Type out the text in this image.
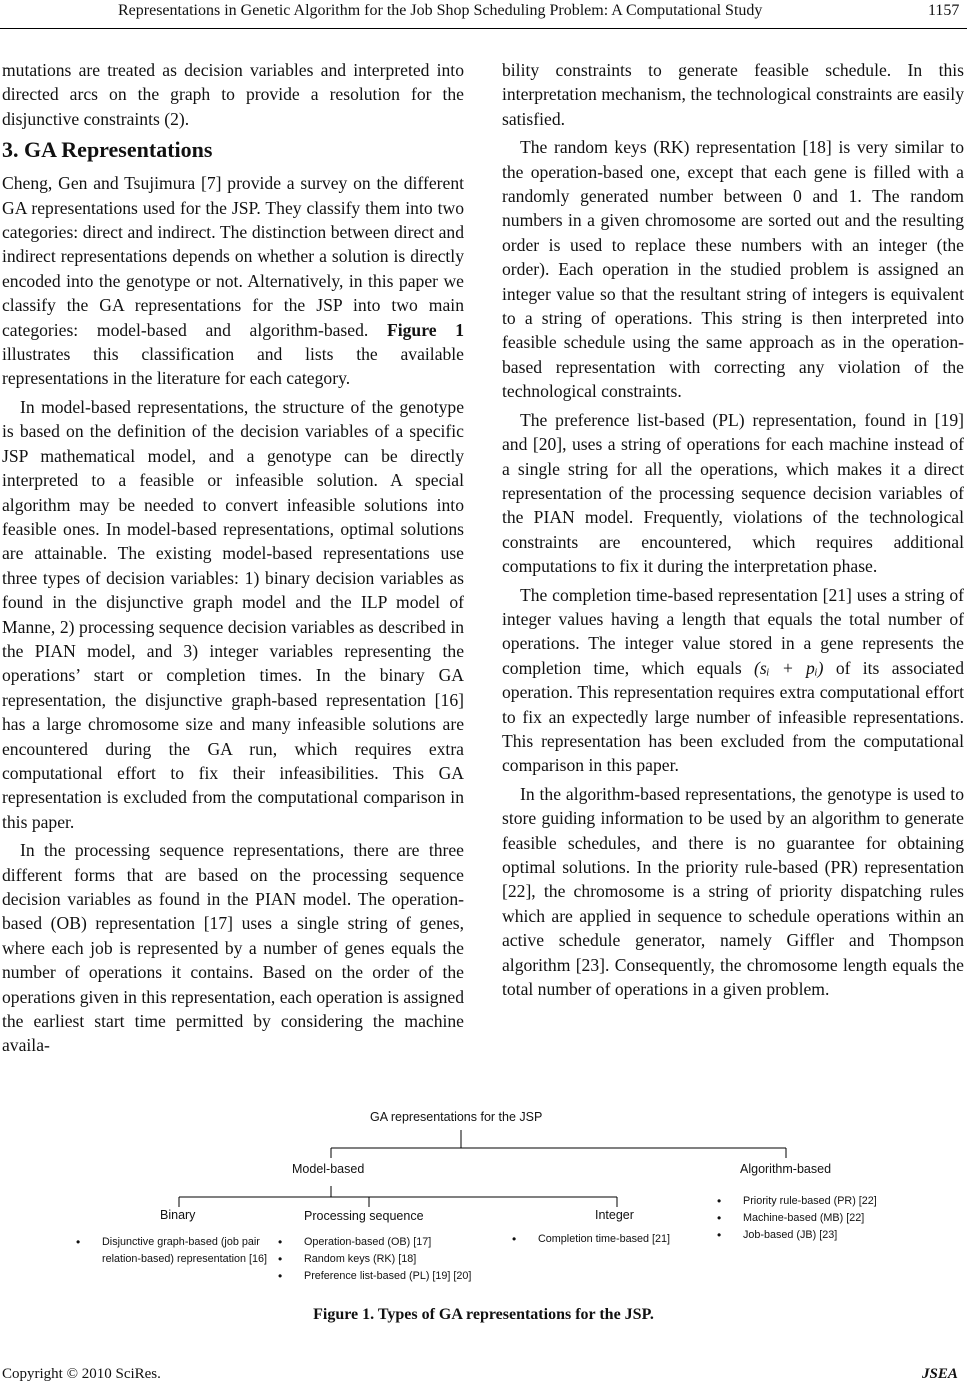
Representations in Genetic Algorithm for the Job Shop Scheduling Problem: A Computational Study	1157

mutations are treated as decision variables and interpreted into directed arcs on the graph to provide a resolution for the disjunctive constraints (2).

3. GA Representations

Cheng, Gen and Tsujimura [7] provide a survey on the different GA representations used for the JSP. They classify them into two categories: direct and indirect. The distinction between direct and indirect representations depends on whether a solution is directly encoded into the genotype or not. Alternatively, in this paper we classify the GA representations for the JSP into two main categories: model-based and algorithm-based. Figure 1 illustrates this classification and lists the available representations in the literature for each category.

In model-based representations, the structure of the genotype is based on the definition of the decision variables of a specific JSP mathematical model, and a genotype can be directly interpreted to a feasible or infeasible solution. A special algorithm may be needed to convert infeasible solutions into feasible ones. In model-based representations, optimal solutions are attainable. The existing model-based representations use three types of decision variables: 1) binary decision variables as found in the disjunctive graph model and the ILP model of Manne, 2) processing sequence decision variables as described in the PIAN model, and 3) integer variables representing the operations’ start or completion times. In the binary GA representation, the disjunctive graph-based representation [16] has a large chromosome size and many infeasible solutions are encountered during the GA run, which requires extra computational effort to fix their infeasibilities. This GA representation is excluded from the computational comparison in this paper.

In the processing sequence representations, there are three different forms that are based on the processing sequence decision variables as found in the PIAN model. The operation-based (OB) representation [17] uses a single string of genes, where each job is represented by a number of genes equals the number of operations it contains. Based on the order of the operations given in this representation, each operation is assigned the earliest start time permitted by considering the machine availa-

bility constraints to generate feasible schedule. In this interpretation mechanism, the technological constraints are easily satisfied.

The random keys (RK) representation [18] is very similar to the operation-based one, except that each gene is filled with a randomly generated number between 0 and 1. The random numbers in a given chromosome are sorted out and the resulting order is used to replace these numbers with an integer (the order). Each operation in the studied problem is assigned an integer value so that the resultant string of integers is equivalent to a string of operations. This string is then interpreted into feasible schedule using the same approach as in the operation-based representation with correcting any violation of the technological constraints.

The preference list-based (PL) representation, found in [19] and [20], uses a string of operations for each machine instead of a single string for all the operations, which makes it a direct representation of the processing sequence decision variables of the PIAN model. Frequently, violations of the technological constraints are encountered, which requires additional computations to fix it during the interpretation phase.

The completion time-based representation [21] uses a string of integer values having a length that equals the total number of operations. The integer value stored in a gene represents the completion time, which equals (sᵢ + pᵢ) of its associated operation. This representation requires extra computational effort to fix an expectedly large number of infeasible representations. This representation has been excluded from the computational comparison in this paper.

In the algorithm-based representations, the genotype is used to store guiding information to be used by an algorithm to generate feasible schedules, and there is no guarantee for obtaining optimal solutions. In the priority rule-based (PR) representation [22], the chromosome is a string of priority dispatching rules which are applied in sequence to schedule operations within an active schedule generator, namely Giffler and Thompson algorithm [23]. Consequently, the chromosome length equals the total number of operations in a given problem.

GA representations for the JSP
Model-based	Algorithm-based
Binary	Processing sequence	Integer
• Disjunctive graph-based (job pair relation-based) representation [16]
• Operation-based (OB) [17]
• Random keys (RK) [18]
• Preference list-based (PL) [19] [20]
• Completion time-based [21]
• Priority rule-based (PR) [22]
• Machine-based (MB) [22]
• Job-based (JB) [23]
Figure 1. Types of GA representations for the JSP.
Copyright © 2010 SciRes.	JSEA
